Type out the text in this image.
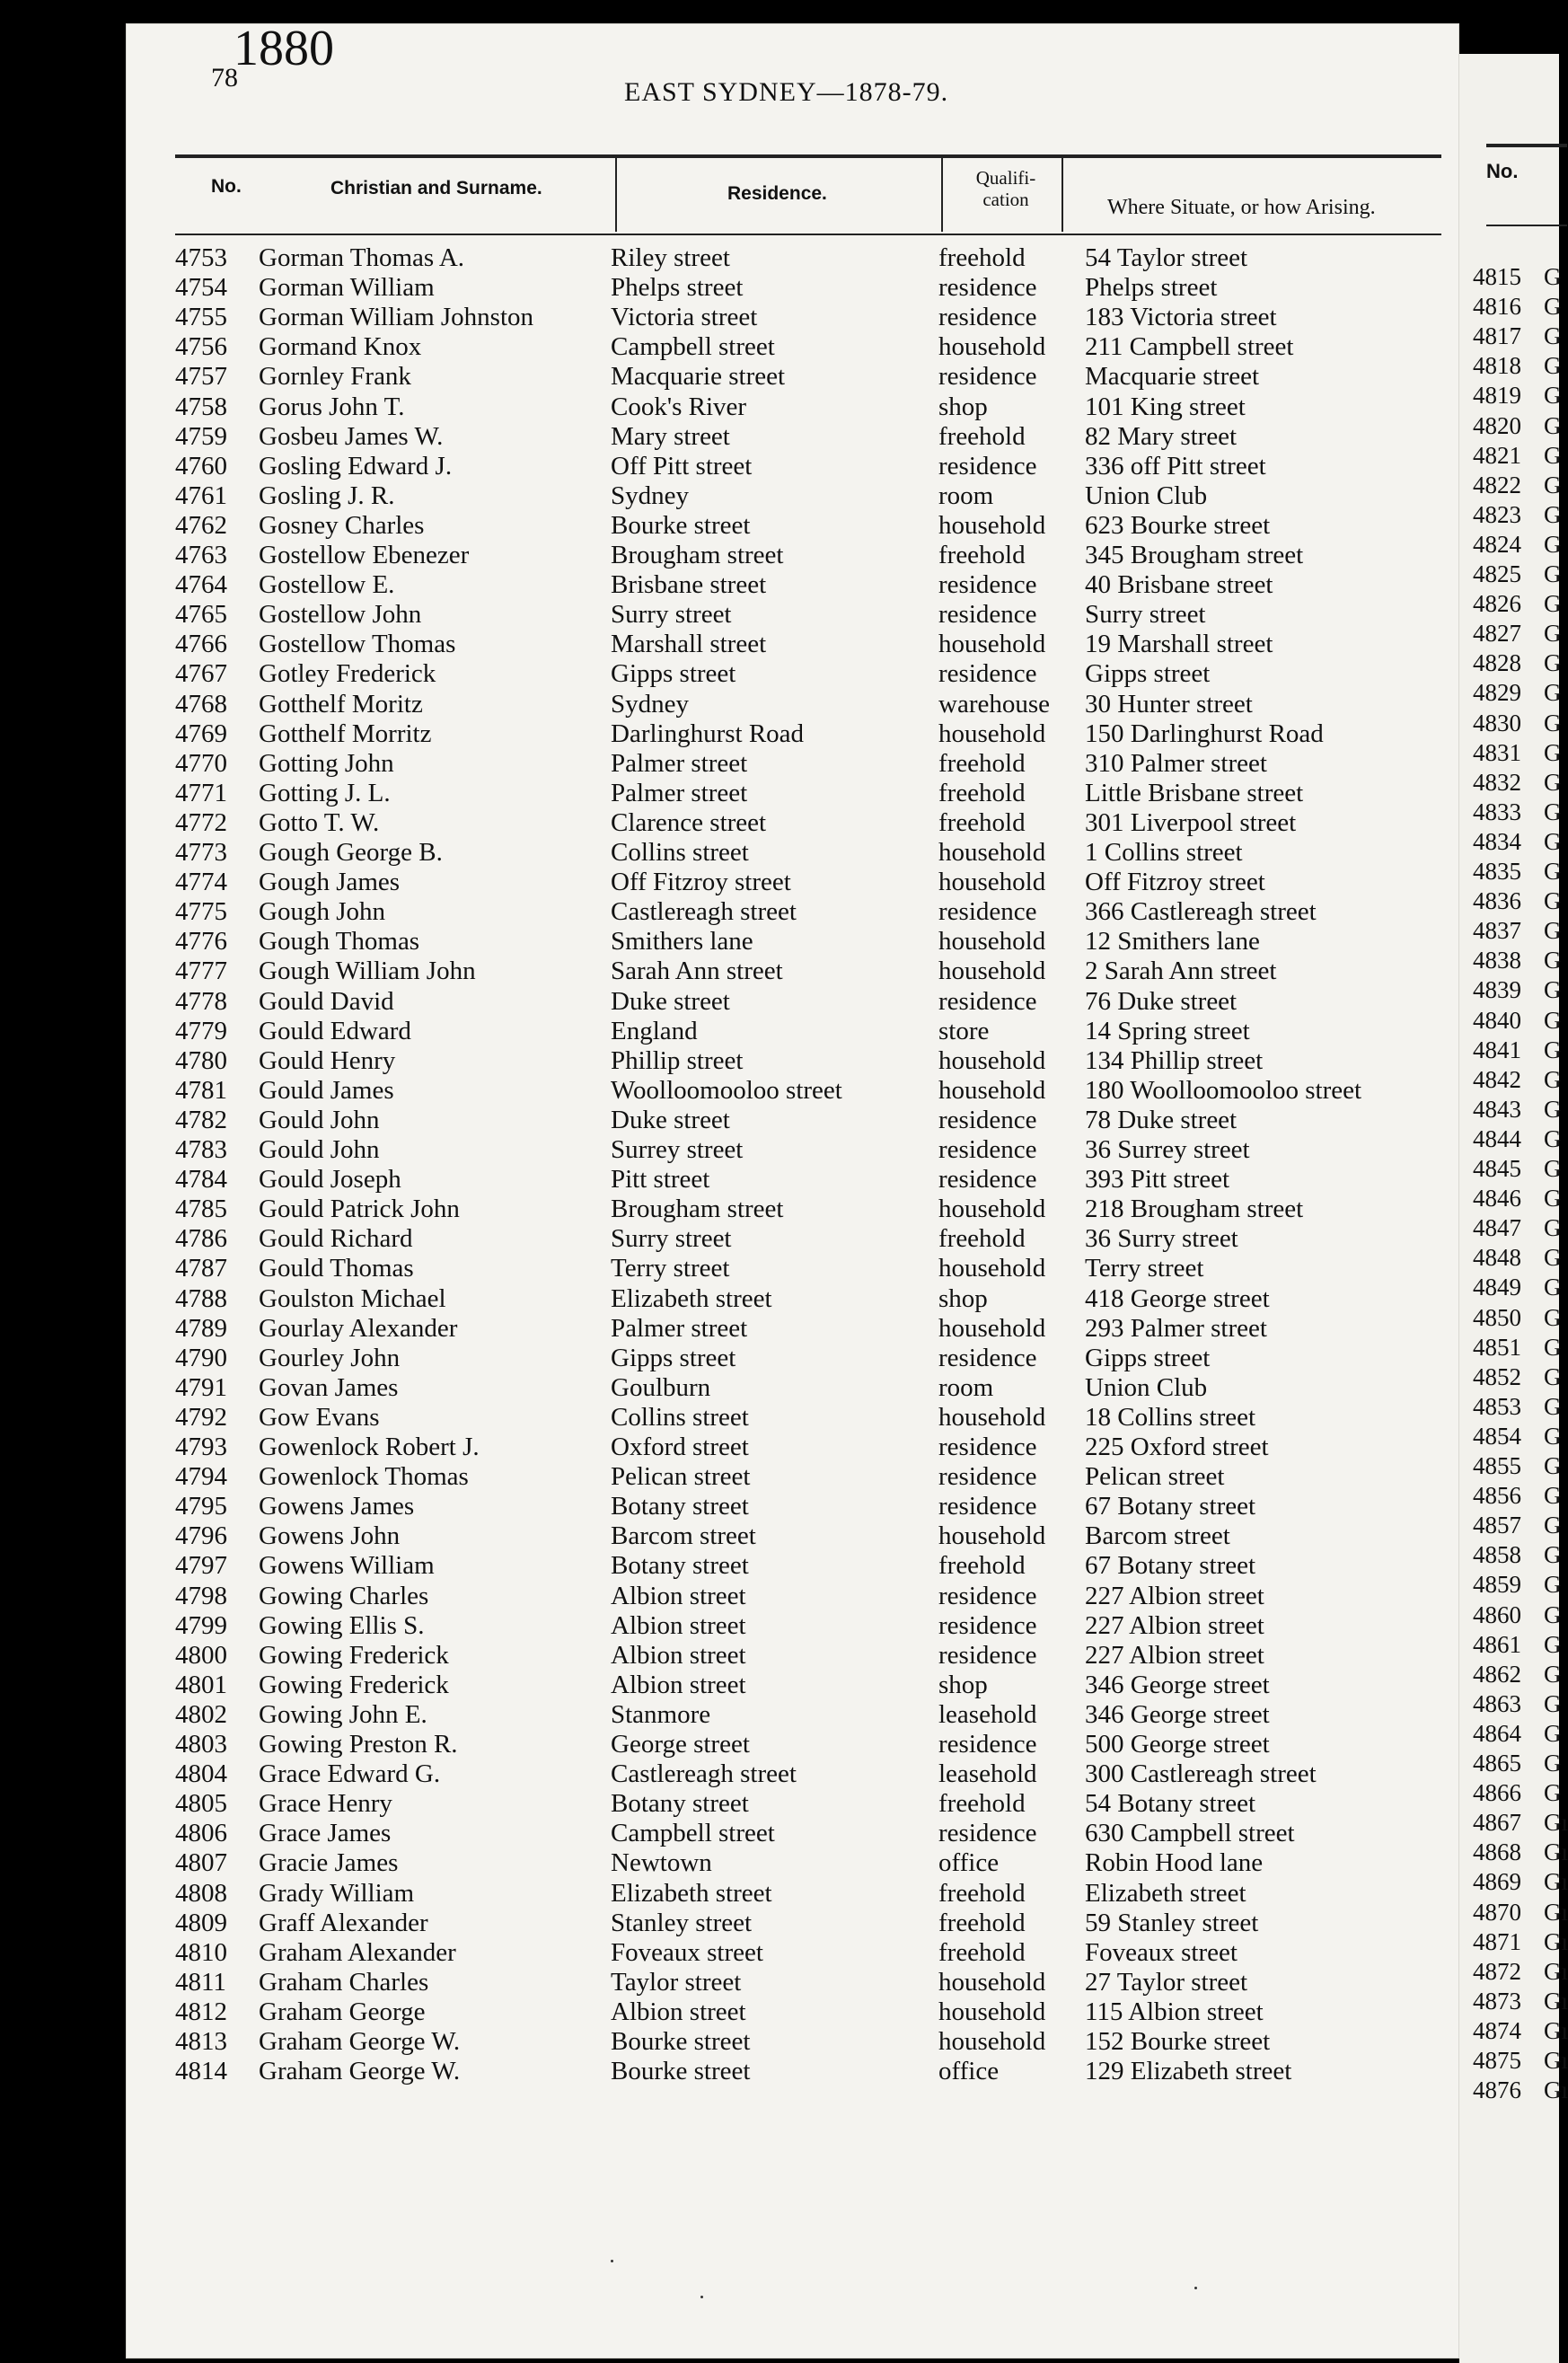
1880
78	EAST SYDNEY—1878-79.
No.	Christian and Surname.	Residence.
Qualifi-
cation	Where Situate, or how Arising.
4753 Gorman Thomas A.	Riley street	freehold 54 Taylor street
4754 Gorman William	Phelps street	residence Phelps street
4755 Gorman William Johnston	Victoria street	residence 183 Victoria street
4756 Gormand Knox	Campbell street	household 211 Campbell street
4757 Gornley Frank	Macquarie street	residence Macquarie street
4758 Gorus John T.	Cook's River	shop	101 King street
4759 Gosbeu James W.	Mary street	freehold 82 Mary street
4760 Gosling Edward J.	Off Pitt street	residence 336 off Pitt street
4761 Gosling J. R.	Sydney	room	Union Club
4762 Gosney Charles	Bourke street	household 623 Bourke street
4763 Gostellow Ebenezer	Brougham street	freehold 345 Brougham street
4764 Gostellow E.	Brisbane street	residence 40 Brisbane street
4765 Gostellow John	Surry street	residence Surry street
4766 Gostellow Thomas	Marshall street	household 19 Marshall street
4767 Gotley Frederick	Gipps street	residence Gipps street
4768 Gotthelf Moritz	Sydney	warehouse 30 Hunter street
4769 Gotthelf Morritz	Darlinghurst Road	household 150 Darlinghurst Road
4770 Gotting John	Palmer street	freehold 310 Palmer street
4771 Gotting J. L.	Palmer street	freehold Little Brisbane street
4772 Gotto T. W.	Clarence street	freehold 301 Liverpool street
4773 Gough George B.	Collins street	household 1 Collins street
4774 Gough James	Off Fitzroy street	household Off Fitzroy street
4775 Gough John	Castlereagh street	residence 366 Castlereagh street
4776 Gough Thomas	Smithers lane	household 12 Smithers lane
4777 Gough William John	Sarah Ann street	household 2 Sarah Ann street
4778 Gould David	Duke street	residence 76 Duke street
4779 Gould Edward	England	store	14 Spring street
4780 Gould Henry	Phillip street	household 134 Phillip street
4781 Gould James	Woolloomooloo street	household 180 Woolloomooloo street
4782 Gould John	Duke street	residence 78 Duke street
4783 Gould John	Surrey street	residence 36 Surrey street
4784 Gould Joseph	Pitt street	residence 393 Pitt street
4785 Gould Patrick John	Brougham street	household 218 Brougham street
4786 Gould Richard	Surry street	freehold 36 Surry street
4787 Gould Thomas	Terry street	household Terry street
4788 Goulston Michael	Elizabeth street	shop	418 George street
4789 Gourlay Alexander	Palmer street	household 293 Palmer street
4790 Gourley John	Gipps street	residence Gipps street
4791 Govan James	Goulburn	room	Union Club
4792 Gow Evans	Collins street	household 18 Collins street
4793 Gowenlock Robert J.	Oxford street	residence 225 Oxford street
4794 Gowenlock Thomas	Pelican street	residence Pelican street
4795 Gowens James	Botany street	residence 67 Botany street
4796 Gowens John	Barcom street	household Barcom street
4797 Gowens William	Botany street	freehold 67 Botany street
4798 Gowing Charles	Albion street	residence 227 Albion street
4799 Gowing Ellis S.	Albion street	residence 227 Albion street
4800 Gowing Frederick	Albion street	residence 227 Albion street
4801 Gowing Frederick	Albion street	shop	346 George street
4802 Gowing John E.	Stanmore	leasehold 346 George street
4803 Gowing Preston R.	George street	residence 500 George street
4804 Grace Edward G.	Castlereagh street	leasehold 300 Castlereagh street
4805 Grace Henry	Botany street	freehold 54 Botany street
4806 Grace James	Campbell street	residence 630 Campbell street
4807 Gracie James	Newtown	office	Robin Hood lane
4808 Grady William	Elizabeth street	freehold Elizabeth street
4809 Graff Alexander	Stanley street	freehold 59 Stanley street
4810 Graham Alexander	Foveaux street	freehold Foveaux street
4811 Graham Charles	Taylor street	household 27 Taylor street
4812 Graham George	Albion street	household 115 Albion street
4813 Graham George W.	Bourke street	household 152 Bourke street
4814 Graham George W.	Bourke street	office	129 Elizabeth street
No.
4815 G
4816 G
4817 G
4818 G
4819 G
4820 G
4821 G
4822 G
4823 G
4824 G
4825 G
4826 G
4827 G
4828 G
4829 G
4830 G
4831 G
4832 G
4833 G
4834 G
4835 G
4836 G
4837 G
4838 G
4839 G
4840 G
4841 G
4842 G
4843 G
4844 G
4845 G
4846 G
4847 G
4848 G
4849 G
4850 G
4851 G
4852 G
4853 G
4854 G
4855 G
4856 G
4857 G
4858 G
4859 G
4860 G
4861 G
4862 G
4863 G
4864 G
4865 G
4866 G
4867 Gı
4868 Gı
4869 Gı
4870 Gı
4871 Gı
4872 Gı
4873 Gı
4874 Gı
4875 Gı
4876 Gı
